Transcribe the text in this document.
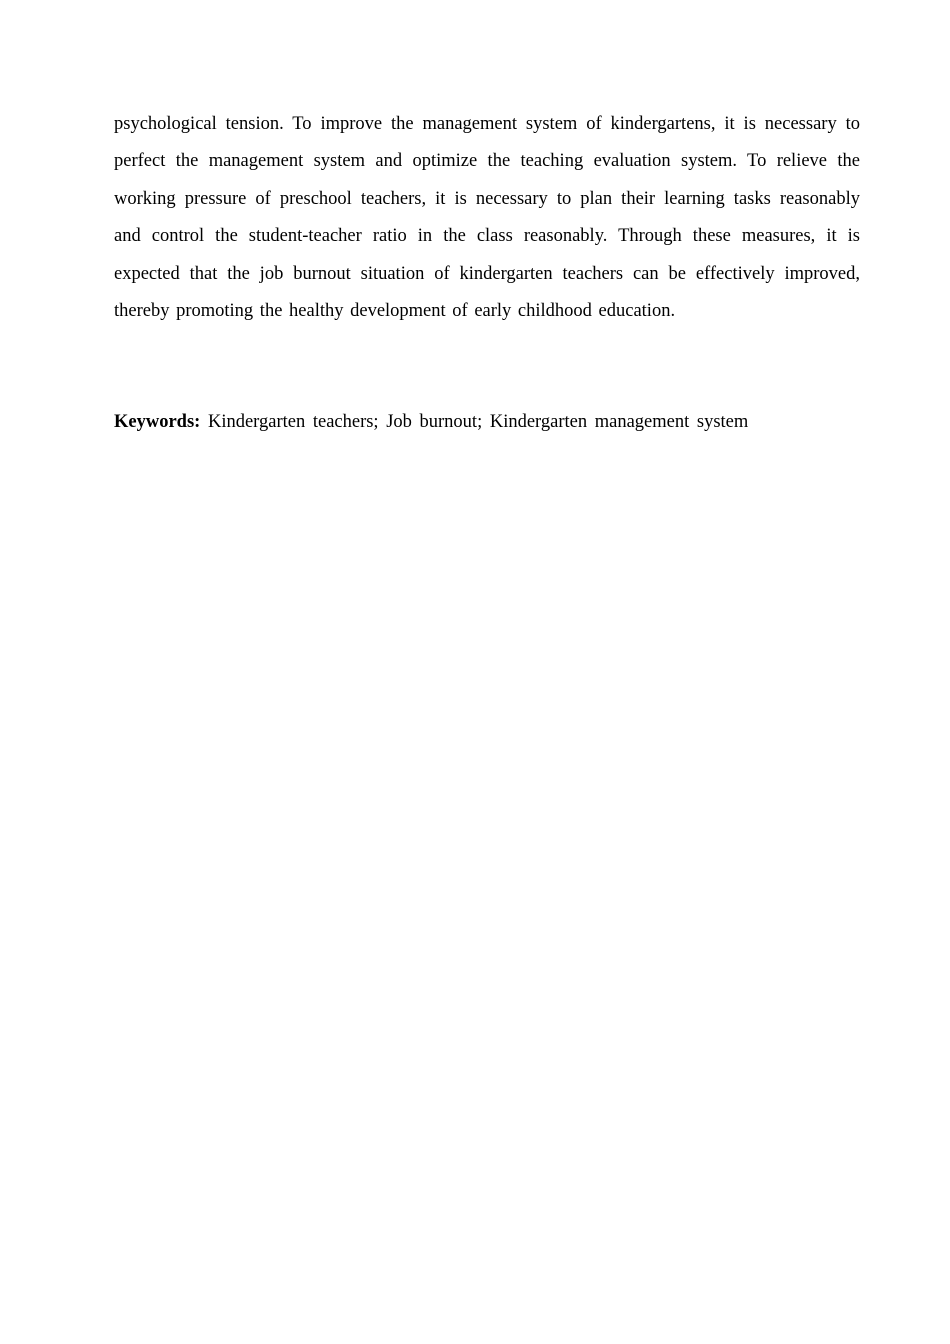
psychological tension. To improve the management system of kindergartens, it is necessary to perfect the management system and optimize the teaching evaluation system. To relieve the working pressure of preschool teachers, it is necessary to plan their learning tasks reasonably and control the student-teacher ratio in the class reasonably. Through these measures, it is expected that the job burnout situation of kindergarten teachers can be effectively improved, thereby promoting the healthy development of early childhood education.

Keywords: Kindergarten teachers; Job burnout; Kindergarten management system
